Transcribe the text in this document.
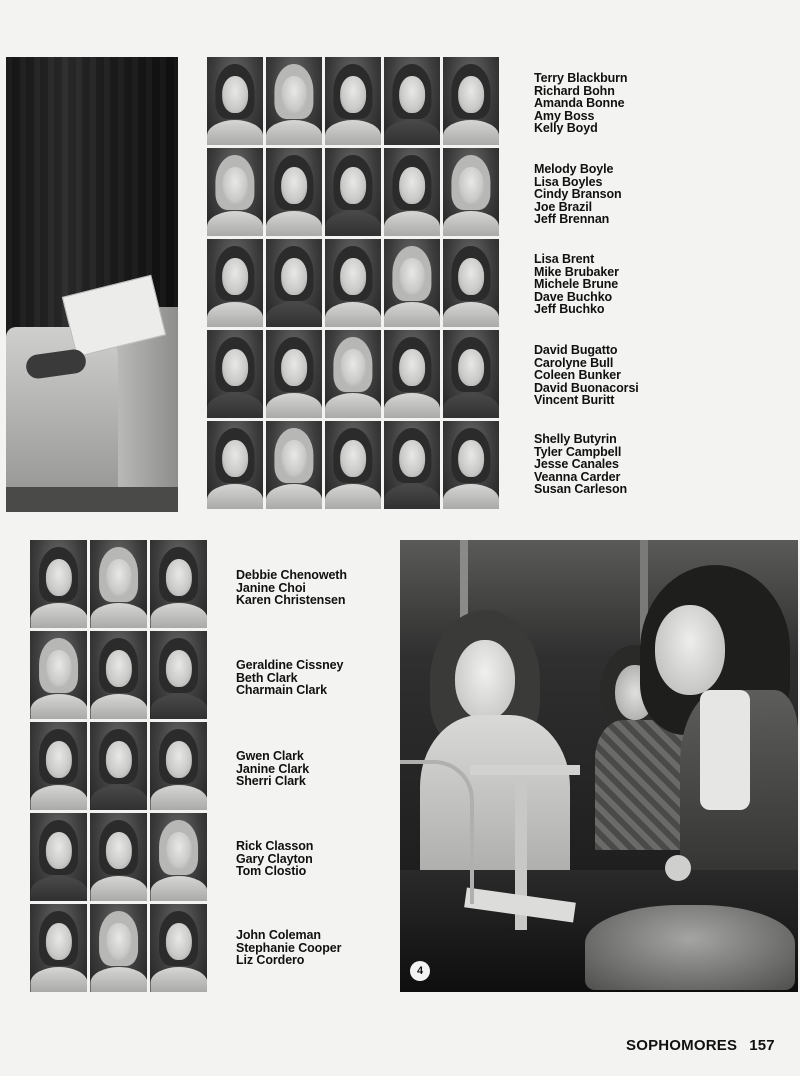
Terry Blackburn
Richard Bohn
Amanda Bonne
Amy Boss
Kelly Boyd
Melody Boyle
Lisa Boyles
Cindy Branson
Joe Brazil
Jeff Brennan
Lisa Brent
Mike Brubaker
Michele Brune
Dave Buchko
Jeff Buchko
David Bugatto
Carolyne Bull
Coleen Bunker
David Buonacorsi
Vincent Buritt
Shelly Butyrin
Tyler Campbell
Jesse Canales
Veanna Carder
Susan Carleson
Debbie Chenoweth
Janine Choi
Karen Christensen
Geraldine Cissney
Beth Clark
Charmain Clark
Gwen Clark
Janine Clark
Sherri Clark
Rick Classon
Gary Clayton
Tom Clostio
John Coleman
Stephanie Cooper
Liz Cordero
4
SOPHOMORES 157
